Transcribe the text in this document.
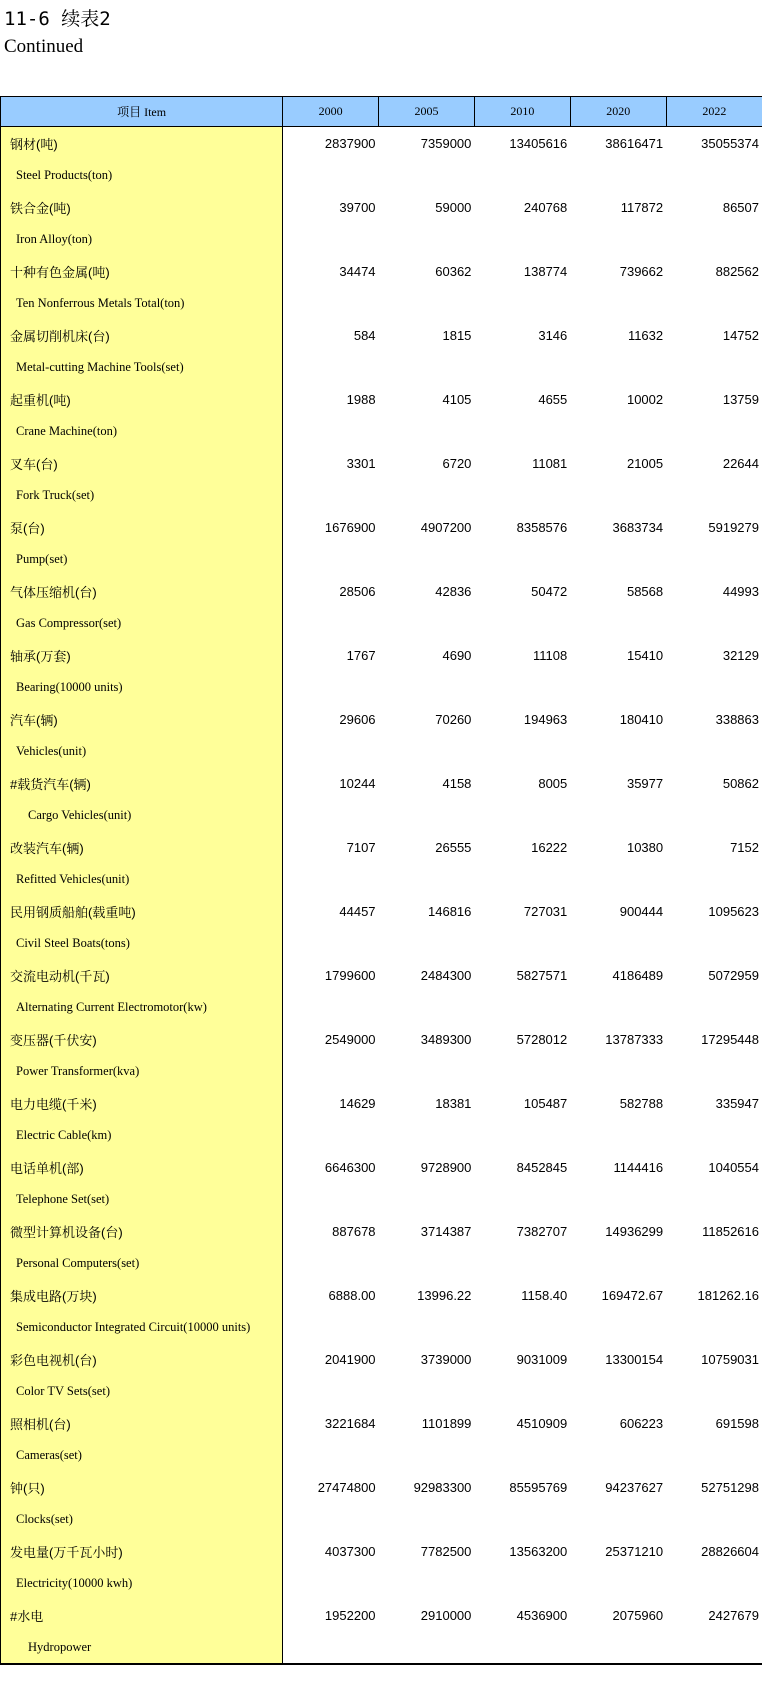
11-6 续表2
Continued
项目 Item	2000	2005	2010	2020	2022
钢材(吨)	2837900	7359000	13405616	38616471	35055374
Steel Products(ton)					
铁合金(吨)	39700	59000	240768	117872	86507
Iron Alloy(ton)					
十种有色金属(吨)	34474	60362	138774	739662	882562
Ten Nonferrous Metals Total(ton)					
金属切削机床(台)	584	1815	3146	11632	14752
Metal-cutting Machine Tools(set)					
起重机(吨)	1988	4105	4655	10002	13759
Crane Machine(ton)					
叉车(台)	3301	6720	11081	21005	22644
Fork Truck(set)					
泵(台)	1676900	4907200	8358576	3683734	5919279
Pump(set)					
气体压缩机(台)	28506	42836	50472	58568	44993
Gas Compressor(set)					
轴承(万套)	1767	4690	11108	15410	32129
Bearing(10000 units)					
汽车(辆)	29606	70260	194963	180410	338863
Vehicles(unit)					
#载货汽车(辆)	10244	4158	8005	35977	50862
Cargo Vehicles(unit)					
改装汽车(辆)	7107	26555	16222	10380	7152
Refitted Vehicles(unit)					
民用钢质船舶(载重吨)	44457	146816	727031	900444	1095623
Civil Steel Boats(tons)					
交流电动机(千瓦)	1799600	2484300	5827571	4186489	5072959
Alternating Current Electromotor(kw)					
变压器(千伏安)	2549000	3489300	5728012	13787333	17295448
Power Transformer(kva)					
电力电缆(千米)	14629	18381	105487	582788	335947
Electric Cable(km)					
电话单机(部)	6646300	9728900	8452845	1144416	1040554
Telephone Set(set)					
微型计算机设备(台)	887678	3714387	7382707	14936299	11852616
Personal Computers(set)					
集成电路(万块)	6888.00	13996.22	1158.40	169472.67	181262.16
Semiconductor Integrated Circuit(10000 units)					
彩色电视机(台)	2041900	3739000	9031009	13300154	10759031
Color TV Sets(set)					
照相机(台)	3221684	1101899	4510909	606223	691598
Cameras(set)					
钟(只)	27474800	92983300	85595769	94237627	52751298
Clocks(set)					
发电量(万千瓦小时)	4037300	7782500	13563200	25371210	28826604
Electricity(10000 kwh)					
#水电	1952200	2910000	4536900	2075960	2427679
Hydropower					
